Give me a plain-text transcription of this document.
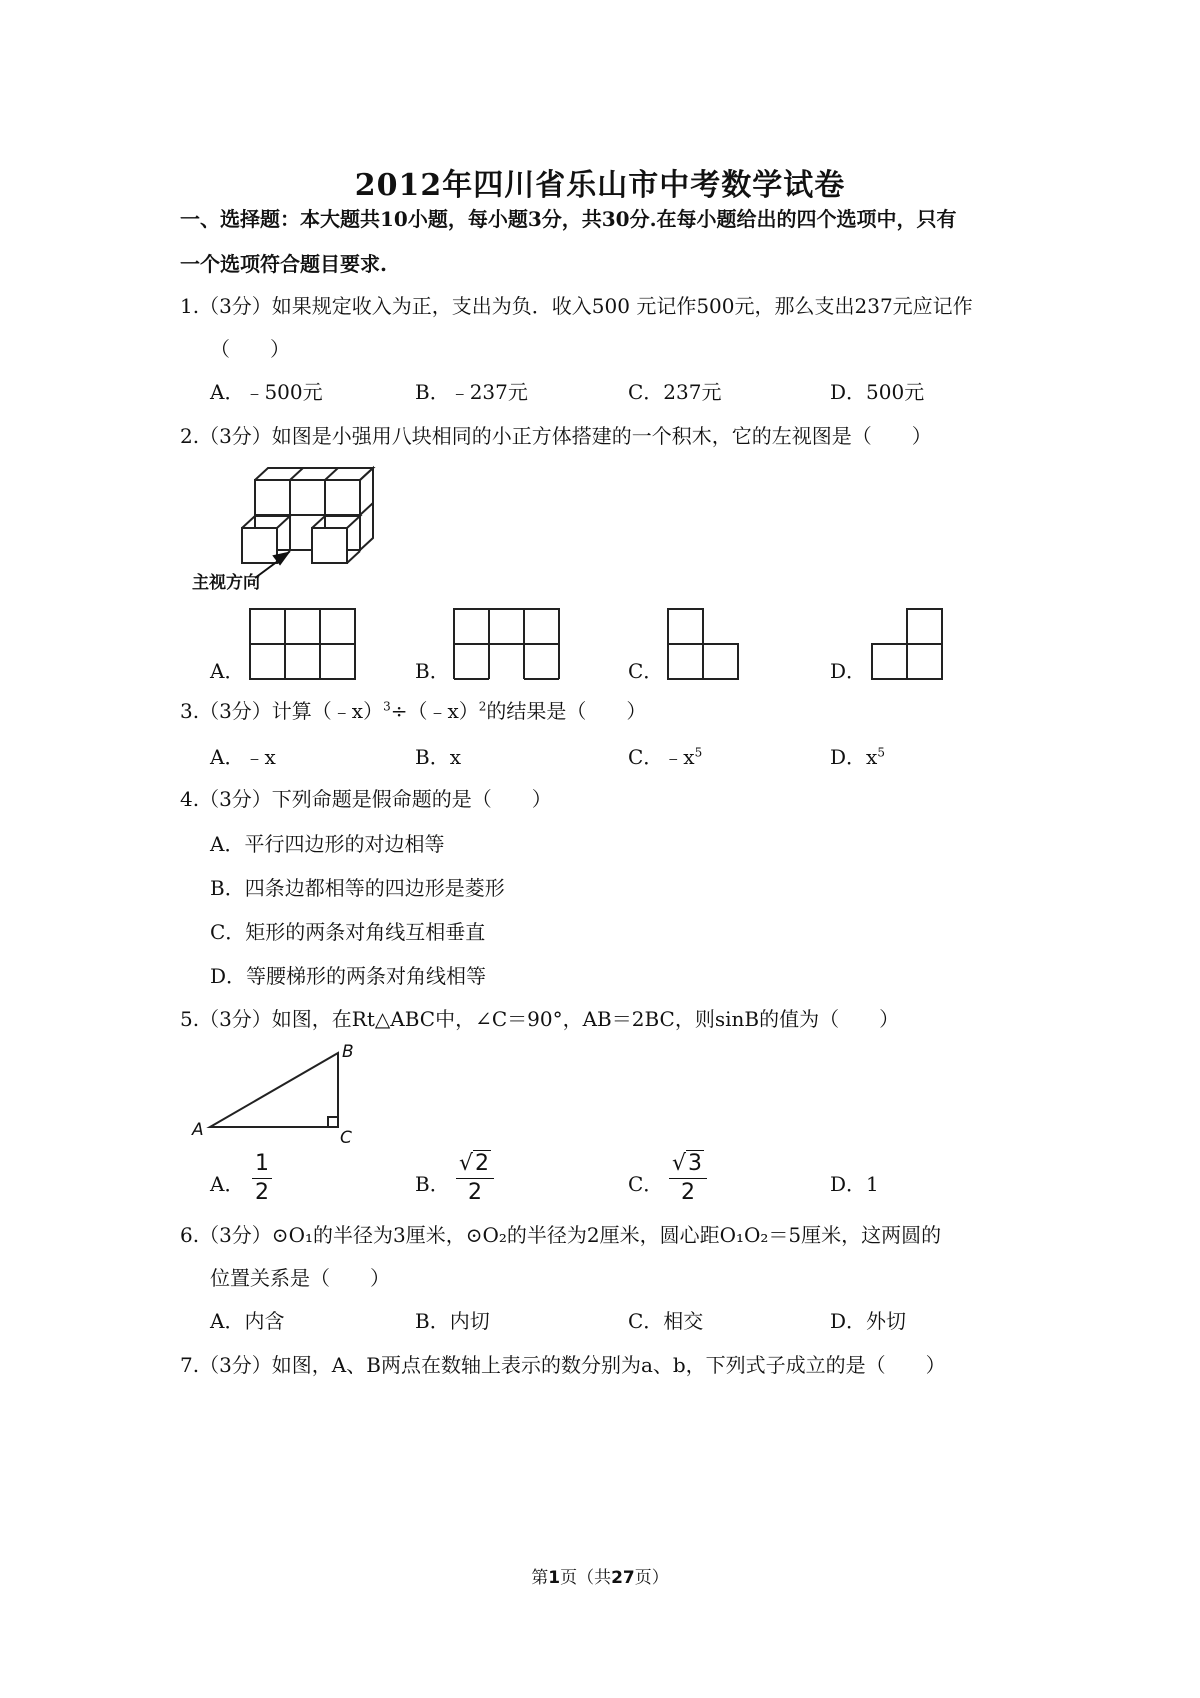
2012年四川省乐山市中考数学试卷
一、选择题：本大题共10小题，每小题3分，共30分.在每小题给出的四个选项中，只有
一个选项符合题目要求.
1.（3分）如果规定收入为正，支出为负．收入500 元记作500元，那么支出237元应记作
（　　）
A．﹣500元	B．﹣237元	C．237元	D．500元
2.（3分）如图是小强用八块相同的小正方体搭建的一个积木，它的左视图是（　　）
主视方向
A．	B．	C．	D．
3.（3分）计算（﹣x）$^3$÷（﹣x）$^2$的结果是（　　）
A．﹣x	B．x	C．$﹣x^5$	D．$x^5$
4.（3分）下列命题是假命题的是（　　）
A．平行四边形的对边相等
B．四条边都相等的四边形是菱形
C．矩形的两条对角线互相垂直
D．等腰梯形的两条对角线相等
5.（3分）如图，在Rt△ABC中，∠C＝90°，AB＝2BC，则sinB的值为（　　）
A
B
C
A． $\frac{1}{2}$	B． $\frac{√2}{2}$	C． $\frac{√3}{2}$	D．1
6.（3分）⊙O₁的半径为3厘米，⊙O₂的半径为2厘米，圆心距O₁O₂＝5厘米，这两圆的
位置关系是（　　）
A．内含	B．内切	C．相交	D．外切
7.（3分）如图，A、B两点在数轴上表示的数分别为a、b，下列式子成立的是（　　）
第1页（共27页）
